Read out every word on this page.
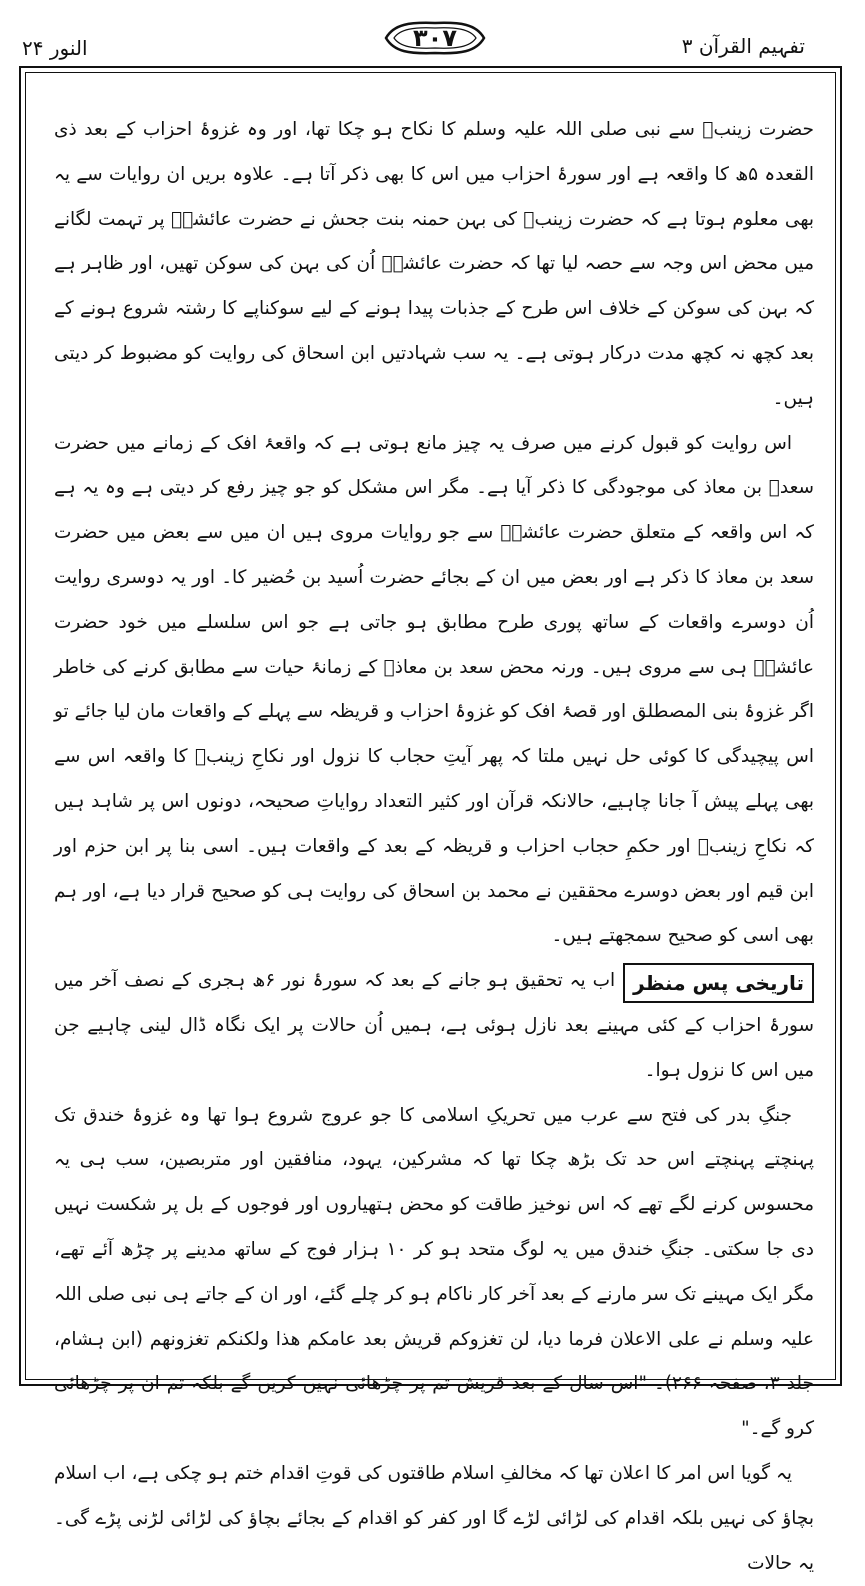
النور ۲۴	۳۰۷	تفہیم القرآن ۳

حضرت زینبؓ سے نبی صلی اللہ علیہ وسلم کا نکاح ہو چکا تھا، اور وہ غزوۂ احزاب کے بعد ذی القعدہ ۵ھ کا واقعہ ہے اور سورۂ احزاب میں اس کا بھی ذکر آتا ہے۔ علاوہ بریں ان روایات سے یہ بھی معلوم ہوتا ہے کہ حضرت زینبؓ کی بہن حمنہ بنت جحش نے حضرت عائشہؓ پر تہمت لگانے میں محض اس وجہ سے حصہ لیا تھا کہ حضرت عائشہؓ اُن کی بہن کی سوکن تھیں، اور ظاہر ہے کہ بہن کی سوکن کے خلاف اس طرح کے جذبات پیدا ہونے کے لیے سوکناپے کا رشتہ شروع ہونے کے بعد کچھ نہ کچھ مدت درکار ہوتی ہے۔ یہ سب شہادتیں ابن اسحاق کی روایت کو مضبوط کر دیتی ہیں۔

اس روایت کو قبول کرنے میں صرف یہ چیز مانع ہوتی ہے کہ واقعۂ افک کے زمانے میں حضرت سعدؓ بن معاذ کی موجودگی کا ذکر آیا ہے۔ مگر اس مشکل کو جو چیز رفع کر دیتی ہے وہ یہ ہے کہ اس واقعہ کے متعلق حضرت عائشہؓ سے جو روایات مروی ہیں ان میں سے بعض میں حضرت سعد بن معاذ کا ذکر ہے اور بعض میں ان کے بجائے حضرت اُسید بن حُضیر کا۔ اور یہ دوسری روایت اُن دوسرے واقعات کے ساتھ پوری طرح مطابق ہو جاتی ہے جو اس سلسلے میں خود حضرت عائشہؓ ہی سے مروی ہیں۔ ورنہ محض سعد بن معاذؓ کے زمانۂ حیات سے مطابق کرنے کی خاطر اگر غزوۂ بنی المصطلق اور قصۂ افک کو غزوۂ احزاب و قریظہ سے پہلے کے واقعات مان لیا جائے تو اس پیچیدگی کا کوئی حل نہیں ملتا کہ پھر آیتِ حجاب کا نزول اور نکاحِ زینبؓ کا واقعہ اس سے بھی پہلے پیش آ جانا چاہیے، حالانکہ قرآن اور کثیر التعداد روایاتِ صحیحہ، دونوں اس پر شاہد ہیں کہ نکاحِ زینبؓ اور حکمِ حجاب احزاب و قریظہ کے بعد کے واقعات ہیں۔ اسی بنا پر ابن حزم اور ابن قیم اور بعض دوسرے محققین نے محمد بن اسحاق کی روایت ہی کو صحیح قرار دیا ہے، اور ہم بھی اسی کو صحیح سمجھتے ہیں۔

تاریخی پس منظر

اب یہ تحقیق ہو جانے کے بعد کہ سورۂ نور ۶ھ ہجری کے نصف آخر میں سورۂ احزاب کے کئی مہینے بعد نازل ہوئی ہے، ہمیں اُن حالات پر ایک نگاہ ڈال لینی چاہیے جن میں اس کا نزول ہوا۔

جنگِ بدر کی فتح سے عرب میں تحریکِ اسلامی کا جو عروج شروع ہوا تھا وہ غزوۂ خندق تک پہنچتے پہنچتے اس حد تک بڑھ چکا تھا کہ مشرکین، یہود، منافقین اور متربصین، سب ہی یہ محسوس کرنے لگے تھے کہ اس نوخیز طاقت کو محض ہتھیاروں اور فوجوں کے بل پر شکست نہیں دی جا سکتی۔ جنگِ خندق میں یہ لوگ متحد ہو کر ۱۰ ہزار فوج کے ساتھ مدینے پر چڑھ آئے تھے، مگر ایک مہینے تک سر مارنے کے بعد آخر کار ناکام ہو کر چلے گئے، اور ان کے جاتے ہی نبی صلی اللہ علیہ وسلم نے علی الاعلان فرما دیا، لن تغزوکم قریش بعد عامکم ھذا ولکنکم تغزونھم (ابن ہشام، جلد ۳، صفحہ ۲۶۶)۔ "اس سال کے بعد قریش تم پر چڑھائی نہیں کریں گے بلکہ تم ان پر چڑھائی کرو گے۔"

یہ گویا اس امر کا اعلان تھا کہ مخالفِ اسلام طاقتوں کی قوتِ اقدام ختم ہو چکی ہے، اب اسلام بچاؤ کی نہیں بلکہ اقدام کی لڑائی لڑے گا اور کفر کو اقدام کے بجائے بچاؤ کی لڑائی لڑنی پڑے گی۔ یہ حالات
